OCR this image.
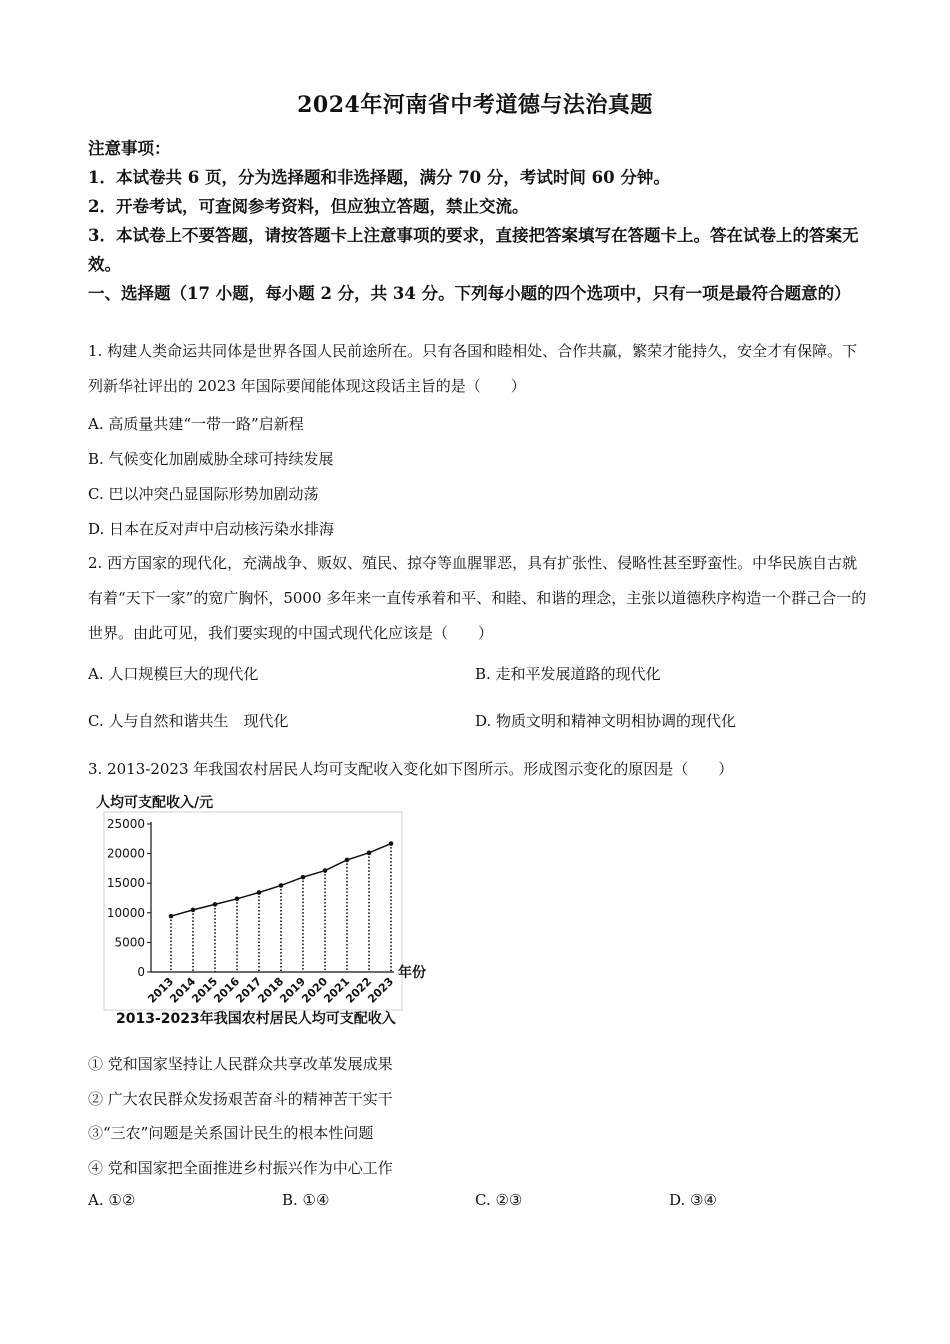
2024年河南省中考道德与法治真题
注意事项：
1．本试卷共 6 页，分为选择题和非选择题，满分 70 分，考试时间 60 分钟。
2．开卷考试，可查阅参考资料，但应独立答题，禁止交流。
3．本试卷上不要答题，请按答题卡上注意事项的要求，直接把答案填写在答题卡上。答在试卷上的答案无效。
一、选择题（17 小题，每小题 2 分，共 34 分。下列每小题的四个选项中，只有一项是最符合题意的）
1. 构建人类命运共同体是世界各国人民前途所在。只有各国和睦相处、合作共赢，繁荣才能持久，安全才有保障。下列新华社评出的 2023 年国际要闻能体现这段话主旨的是（　　）
A. 高质量共建“一带一路”启新程
B. 气候变化加剧威胁全球可持续发展
C. 巴以冲突凸显国际形势加剧动荡
D. 日本在反对声中启动核污染水排海
2. 西方国家的现代化，充满战争、贩奴、殖民、掠夺等血腥罪恶，具有扩张性、侵略性甚至野蛮性。中华民族自古就有着“天下一家”的宽广胸怀，5000 多年来一直传承着和平、和睦、和谐的理念，主张以道德秩序构造一个群己合一的世界。由此可见，我们要实现的中国式现代化应该是（　　）
A. 人口规模巨大的现代化	B. 走和平发展道路的现代化
C. 人与自然和谐共生　现代化	D. 物质文明和精神文明相协调的现代化
3. 2013-2023 年我国农村居民人均可支配收入变化如下图所示。形成图示变化的原因是（　　）
人均可支配收入/元
年份
2013-2023年我国农村居民人均可支配收入
0
5000
10000
15000
20000
25000
2013
2014
2015
2016
2017
2018
2019
2020
2021
2022
2023
① 党和国家坚持让人民群众共享改革发展成果
② 广大农民群众发扬艰苦奋斗的精神苦干实干
③“三农”问题是关系国计民生的根本性问题
④ 党和国家把全面推进乡村振兴作为中心工作
A. ①②	B. ①④	C. ②③	D. ③④
